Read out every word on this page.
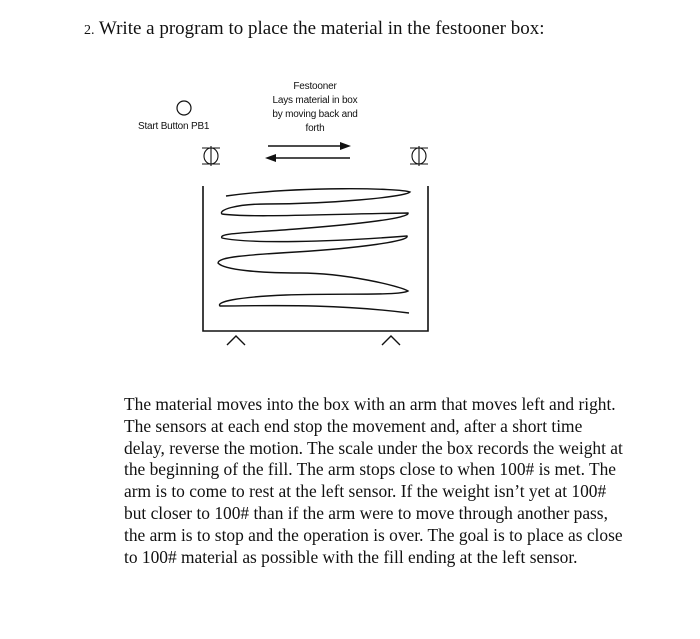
2. Write a program to place the material in the festooner box:
Start Button PB1
Festooner
Lays material in box
by moving back and
forth
The material moves into the box with an arm that moves left and right. The sensors at each end stop the movement and, after a short time delay, reverse the motion. The scale under the box records the weight at the beginning of the fill. The arm stops close to when 100# is met. The arm is to come to rest at the left sensor. If the weight isn’t yet at 100# but closer to 100# than if the arm were to move through another pass, the arm is to stop and the operation is over. The goal is to place as close to 100# material as possible with the fill ending at the left sensor.
